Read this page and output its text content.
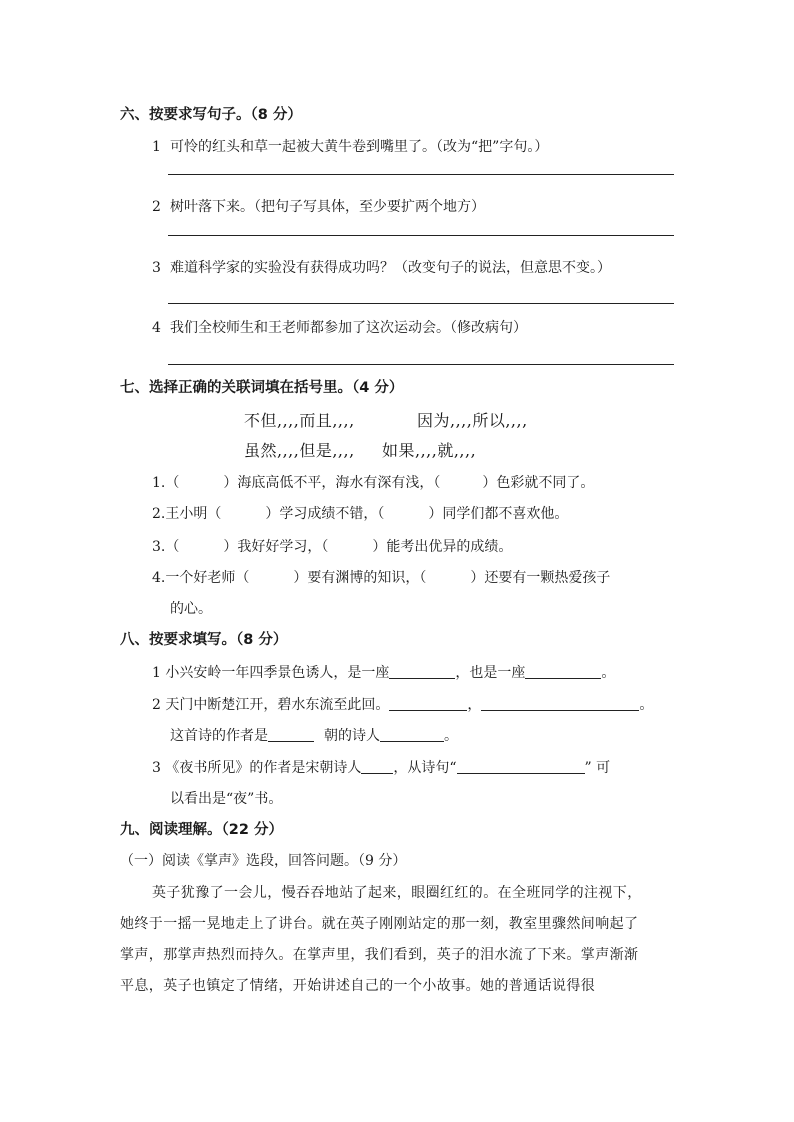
六、按要求写句子。（8 分）
1 可怜的红头和草一起被大黄牛卷到嘴里了。（改为“把”字句。）
2 树叶落下来。（把句子写具体，至少要扩两个地方）
3 难道科学家的实验没有获得成功吗？（改变句子的说法，但意思不变。）
4 我们全校师生和王老师都参加了这次运动会。（修改病句）
七、选择正确的关联词填在括号里。（4 分）
不但,,,,而且,,,,	因为,,,,所以,,,,
虽然,,,,但是,,,, 如果,,,,就,,,,
1.（	）海底高低不平，海水有深有浅，（	）色彩就不同了。
2.王小明（	）学习成绩不错，（	）同学们都不喜欢他。
3.（	）我好好学习，（	）能考出优异的成绩。
4.一个好老师（	）要有渊博的知识，（	）还要有一颗热爱孩子
的心。
八、按要求填写。（8 分）
1 小兴安岭一年四季景色诱人，是一座	，也是一座	。
2 天门中断楚江开，碧水东流至此回。	，	。
这首诗的作者是	朝的诗人	。
3 《夜书所见》的作者是宋朝诗人 ，从诗句“	” 可
以看出是“夜”书。
九、阅读理解。（22 分）
（一）阅读《掌声》选段，回答问题。（9 分）
英子犹豫了一会儿，慢吞吞地站了起来，眼圈红红的。在全班同学的注视下，
她终于一摇一晃地走上了讲台。就在英子刚刚站定的那一刻，教室里骤然间响起了
掌声，那掌声热烈而持久。在掌声里，我们看到，英子的泪水流了下来。掌声渐渐
平息，英子也镇定了情绪，开始讲述自己的一个小故事。她的普通话说得很
